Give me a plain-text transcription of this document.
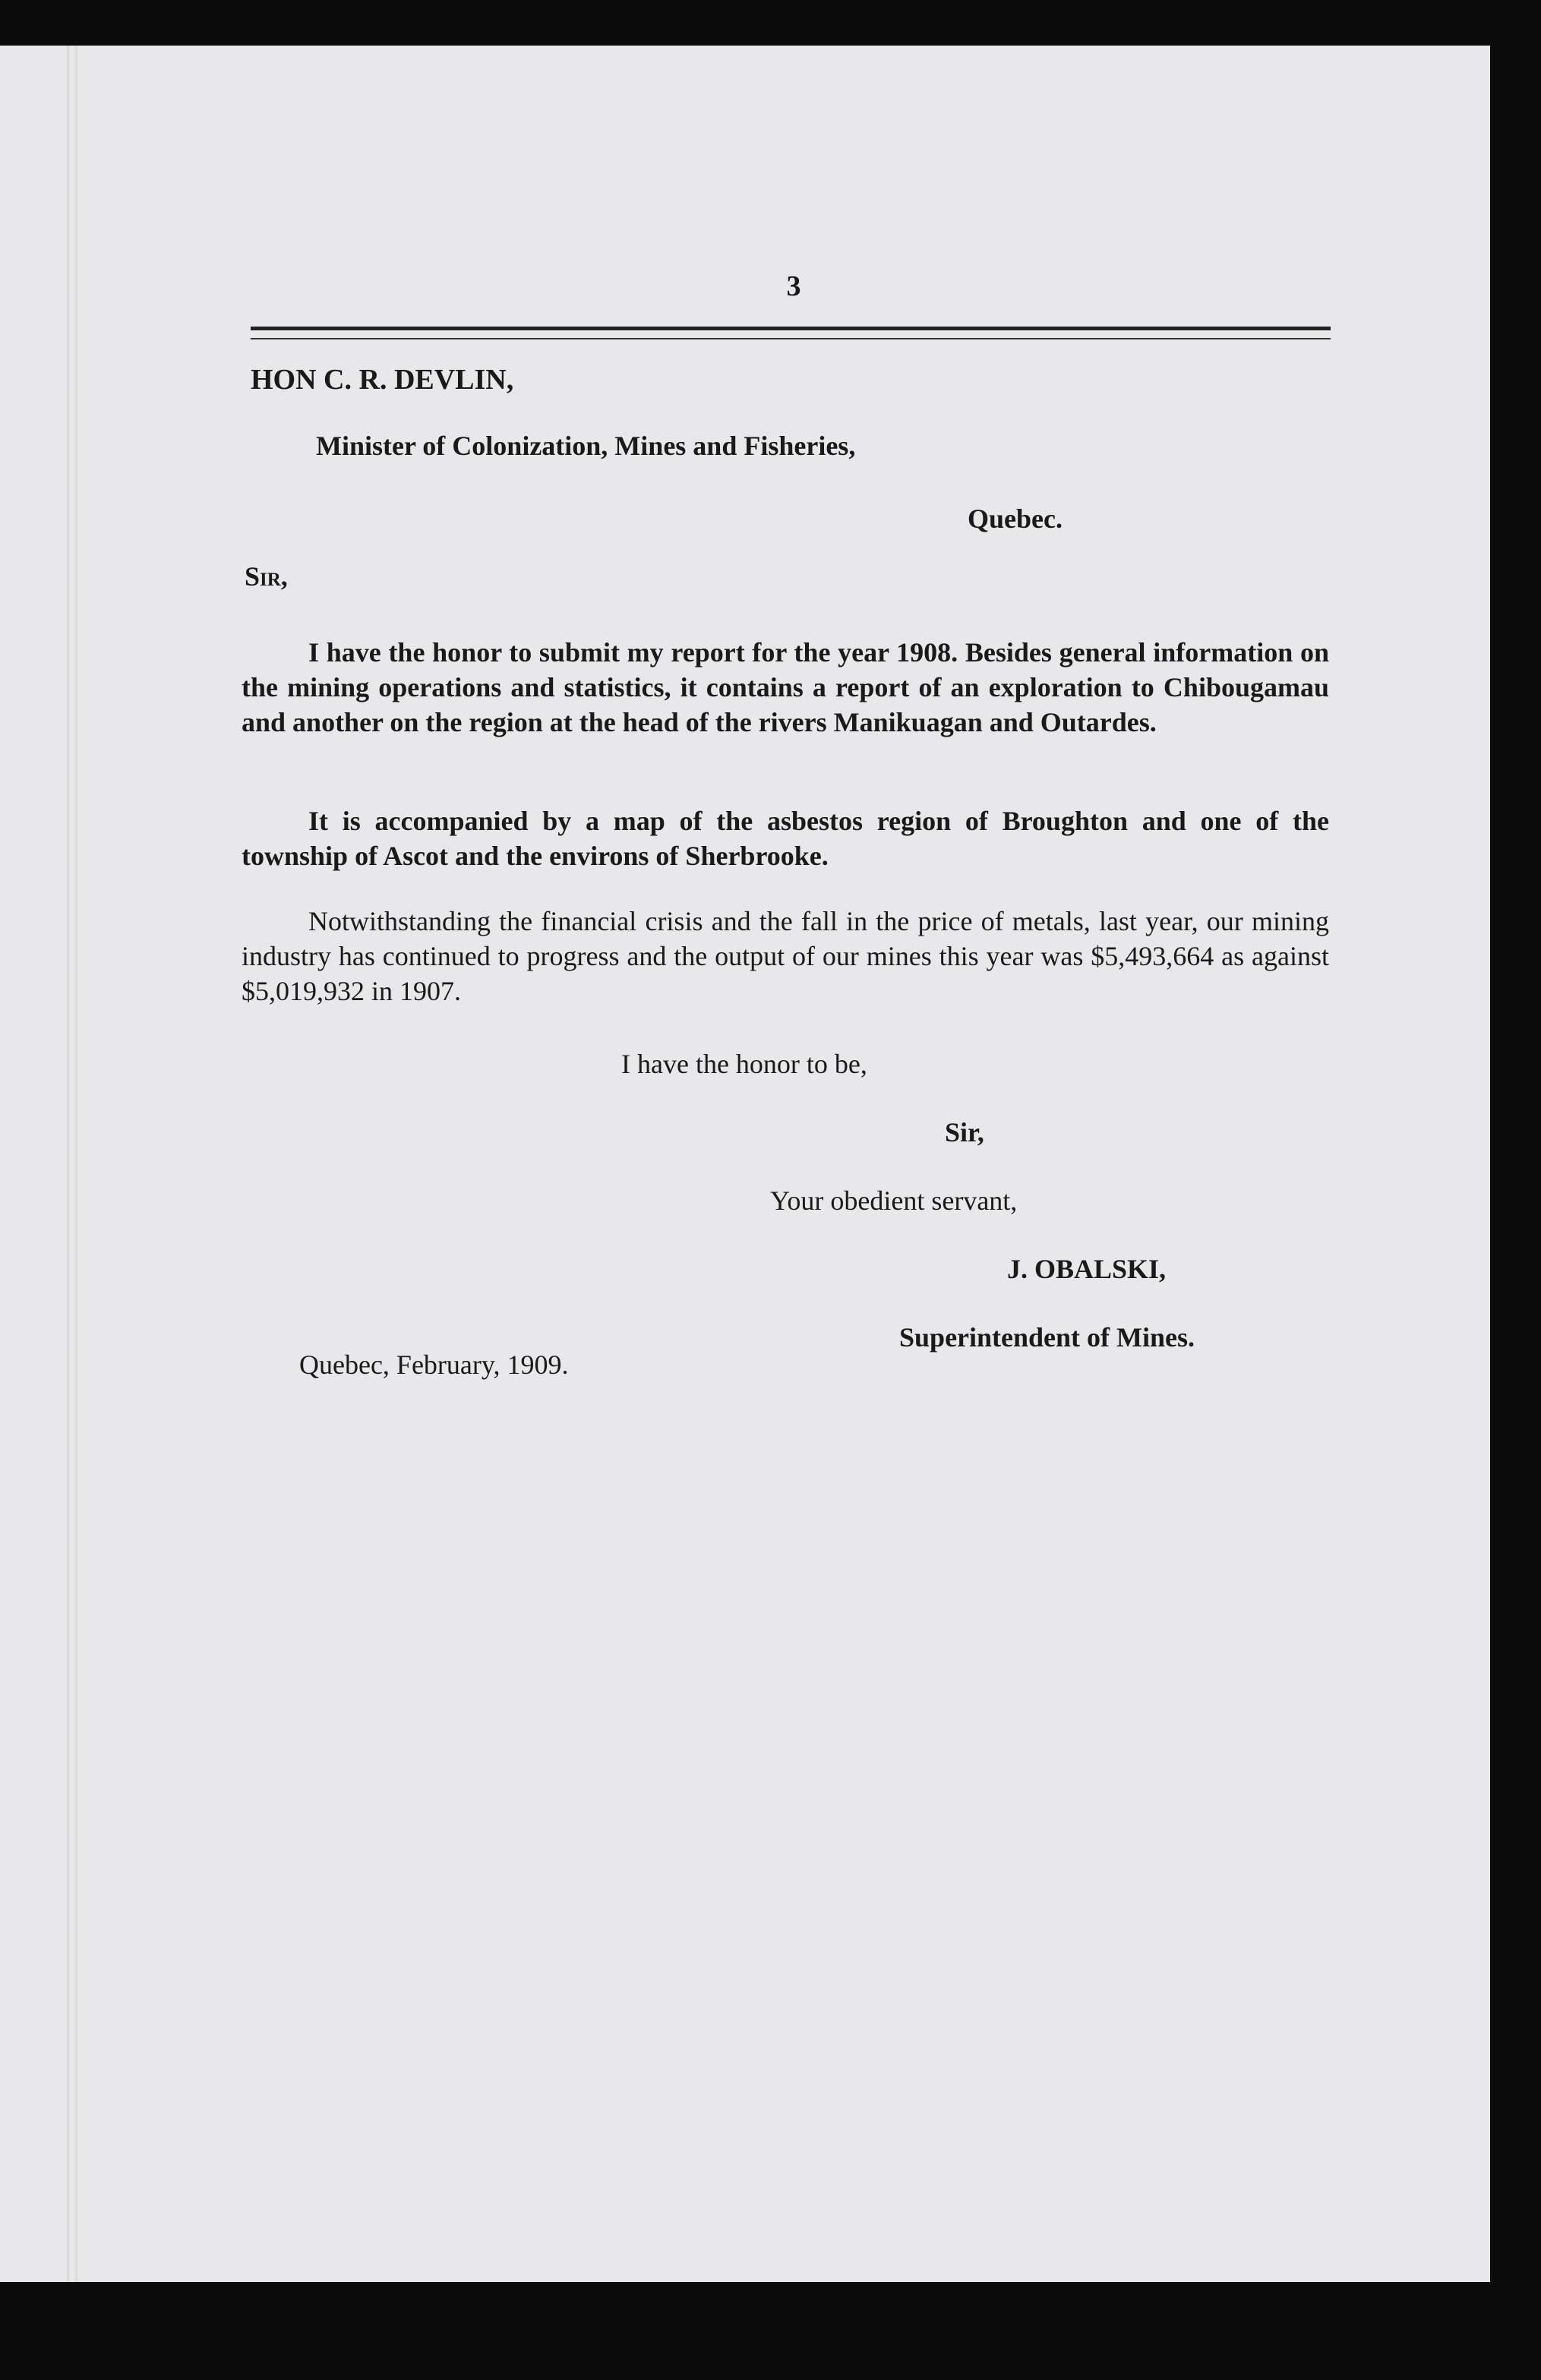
3
HON C. R. DEVLIN,
Minister of Colonization, Mines and Fisheries,
Quebec.
Sir,
I have the honor to submit my report for the year 1908. Besides general information on the mining operations and statistics, it contains a report of an exploration to Chibougamau and another on the region at the head of the rivers Manikuagan and Outardes.
It is accompanied by a map of the asbestos region of Broughton and one of the township of Ascot and the environs of Sherbrooke.
Notwithstanding the financial crisis and the fall in the price of metals, last year, our mining industry has continued to progress and the output of our mines this year was $5,493,664 as against $5,019,932 in 1907.
I have the honor to be,
Sir,
Your obedient servant,
J. OBALSKI,
Superintendent of Mines.
Quebec, February, 1909.
